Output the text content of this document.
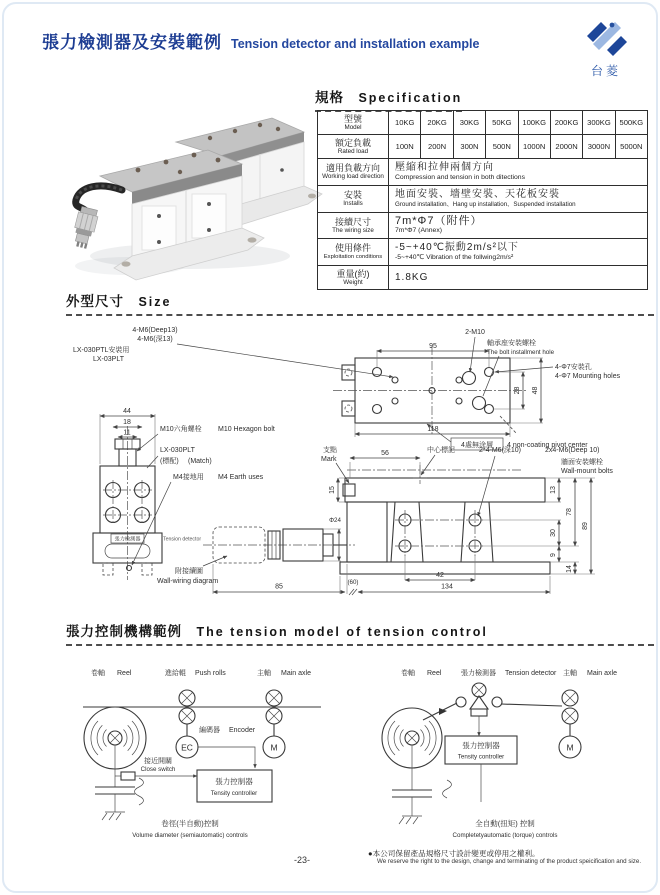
張力檢測器及安裝範例 Tension detector and installation example
台菱
規格 Specification
型號
Model	10KG	20KG	30KG	50KG	100KG	200KG	300KG	500KG

額定負載
Rated load	100N	200N	300N	500N	1000N	2000N	3000N	5000N

適用負載方向
Working load direction

壓縮和拉伸兩個方向
Compression and tension in both ditections

安裝
Installs

地面安裝、墻壁安裝、天花板安裝
Ground installation、Hang up installation、Suspended installation

接續尺寸
The wiring size

7m*Φ7（附件）
7m*Φ7 (Annex)

使用條件
Exploitation conditions

-5~+40℃振動2m/s²以下
-5~+40℃ Vibration of the follwing2m/s²

重量(約)
Weight	1.8KG							
外型尺寸 Size
95
118
28 48
4-M6(Deep13)
4-M6(深13)
LX-030PTL安裝用
LX-03PLT
2-M10
軸承座安裝螺栓
The bolt installment hole
4-Φ7安裝孔
4-Φ7 Mounting holes
4處無涂層 4 non-coating pivot center
44
18
11
張力檢測器	Tension detector
M10六角螺栓 M10 Hexagon bolt
LX-030PLT
(標配) (Match)
M4接地用 M4 Earth uses
Φ24
56
15	13
30
9
78
89
14
42
85
(60)
134
支點
Mark
中心標記	2*4-M6(深10)	2x4-M6(Deep 10)
牆面安裝螺栓
Wall-mount bolts
附接續圖
Wall-wiring diagram
張力控制機構範例 The tension model of tension control
卷軸 Reel	進給輥 Push rolls	主軸 Main axle
EC
編碼器 Encoder
M
接近開關
Close switch
張力控制器
Tensity controller
卷徑(半自動)控制
Volume diameter (semiautomatic) controls
卷軸 Reel	張力檢測器 Tension detector 主軸 Main axle
M
張力控制器
Tensity controller
全自動(扭矩) 控制
Completetyautomatic (torque) controls
-23-
●本公司保留產品規格尺寸設計變更或停用之權利。
We reserve the right to the design, change and terminating of the product speicification and size.
